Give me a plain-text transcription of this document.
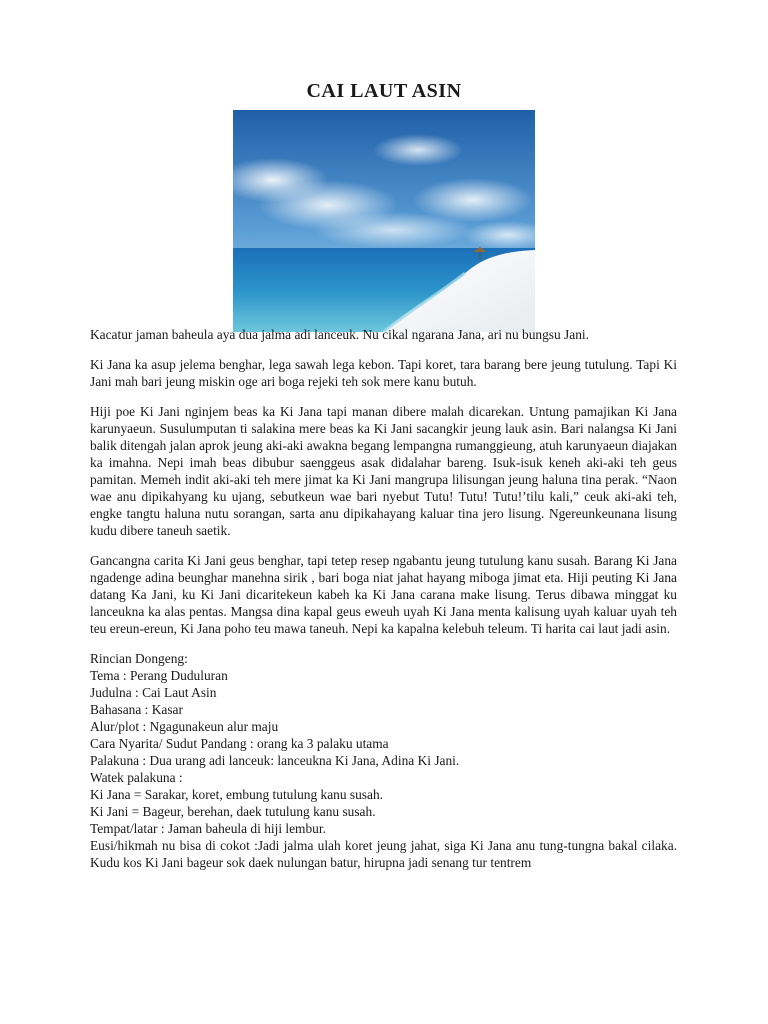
CAI LAUT ASIN

Kacatur jaman baheula aya dua jalma adi lanceuk. Nu cikal ngarana Jana, ari nu bungsu Jani.

Ki Jana ka asup jelema benghar, lega sawah lega kebon. Tapi koret, tara barang bere jeung tutulung. Tapi Ki Jani mah bari jeung miskin oge ari boga rejeki teh sok mere kanu butuh.

Hiji poe Ki Jani nginjem beas ka Ki Jana tapi manan dibere malah dicarekan. Untung pamajikan Ki Jana karunyaeun. Susulumputan ti salakina mere beas ka Ki Jani sacangkir jeung lauk asin. Bari nalangsa Ki Jani balik ditengah jalan aprok jeung aki-aki awakna begang lempangna rumanggieung, atuh karunyaeun diajakan ka imahna. Nepi imah beas dibubur saenggeus asak didalahar bareng. Isuk-isuk keneh aki-aki teh geus pamitan. Memeh indit aki-aki teh mere jimat ka Ki Jani mangrupa lilisungan jeung haluna tina perak. “Naon wae anu dipikahyang ku ujang, sebutkeun wae bari nyebut Tutu! Tutu! Tutu!’tilu kali,” ceuk aki-aki teh, engke tangtu haluna nutu sorangan, sarta anu dipikahayang kaluar tina jero lisung. Ngereunkeunana lisung kudu dibere taneuh saetik.

Gancangna carita Ki Jani geus benghar, tapi tetep resep ngabantu jeung tutulung kanu susah. Barang Ki Jana ngadenge adina beunghar manehna sirik , bari boga niat jahat hayang miboga jimat eta. Hiji peuting Ki Jana datang Ka Jani, ku Ki Jani dicaritekeun kabeh ka Ki Jana carana make lisung. Terus dibawa minggat ku lanceukna ka alas pentas. Mangsa dina kapal geus eweuh uyah Ki Jana menta kalisung uyah kaluar uyah teh teu ereun-ereun, Ki Jana poho teu mawa taneuh. Nepi ka kapalna kelebuh teleum. Ti harita cai laut jadi asin.

Rincian Dongeng:
Tema : Perang Duduluran
Judulna : Cai Laut Asin
Bahasana : Kasar
Alur/plot : Ngagunakeun alur maju
Cara Nyarita/ Sudut Pandang : orang ka 3 palaku utama
Palakuna : Dua urang adi lanceuk: lanceukna Ki Jana, Adina Ki Jani.
Watek palakuna :
Ki Jana = Sarakar, koret, embung tutulung kanu susah.
Ki Jani = Bageur, berehan, daek tutulung kanu susah.
Tempat/latar : Jaman baheula di hiji lembur.
Eusi/hikmah nu bisa di cokot :Jadi jalma ulah koret jeung jahat, siga Ki Jana anu tung-tungna bakal cilaka. Kudu kos Ki Jani bageur sok daek nulungan batur, hirupna jadi senang tur tentrem
